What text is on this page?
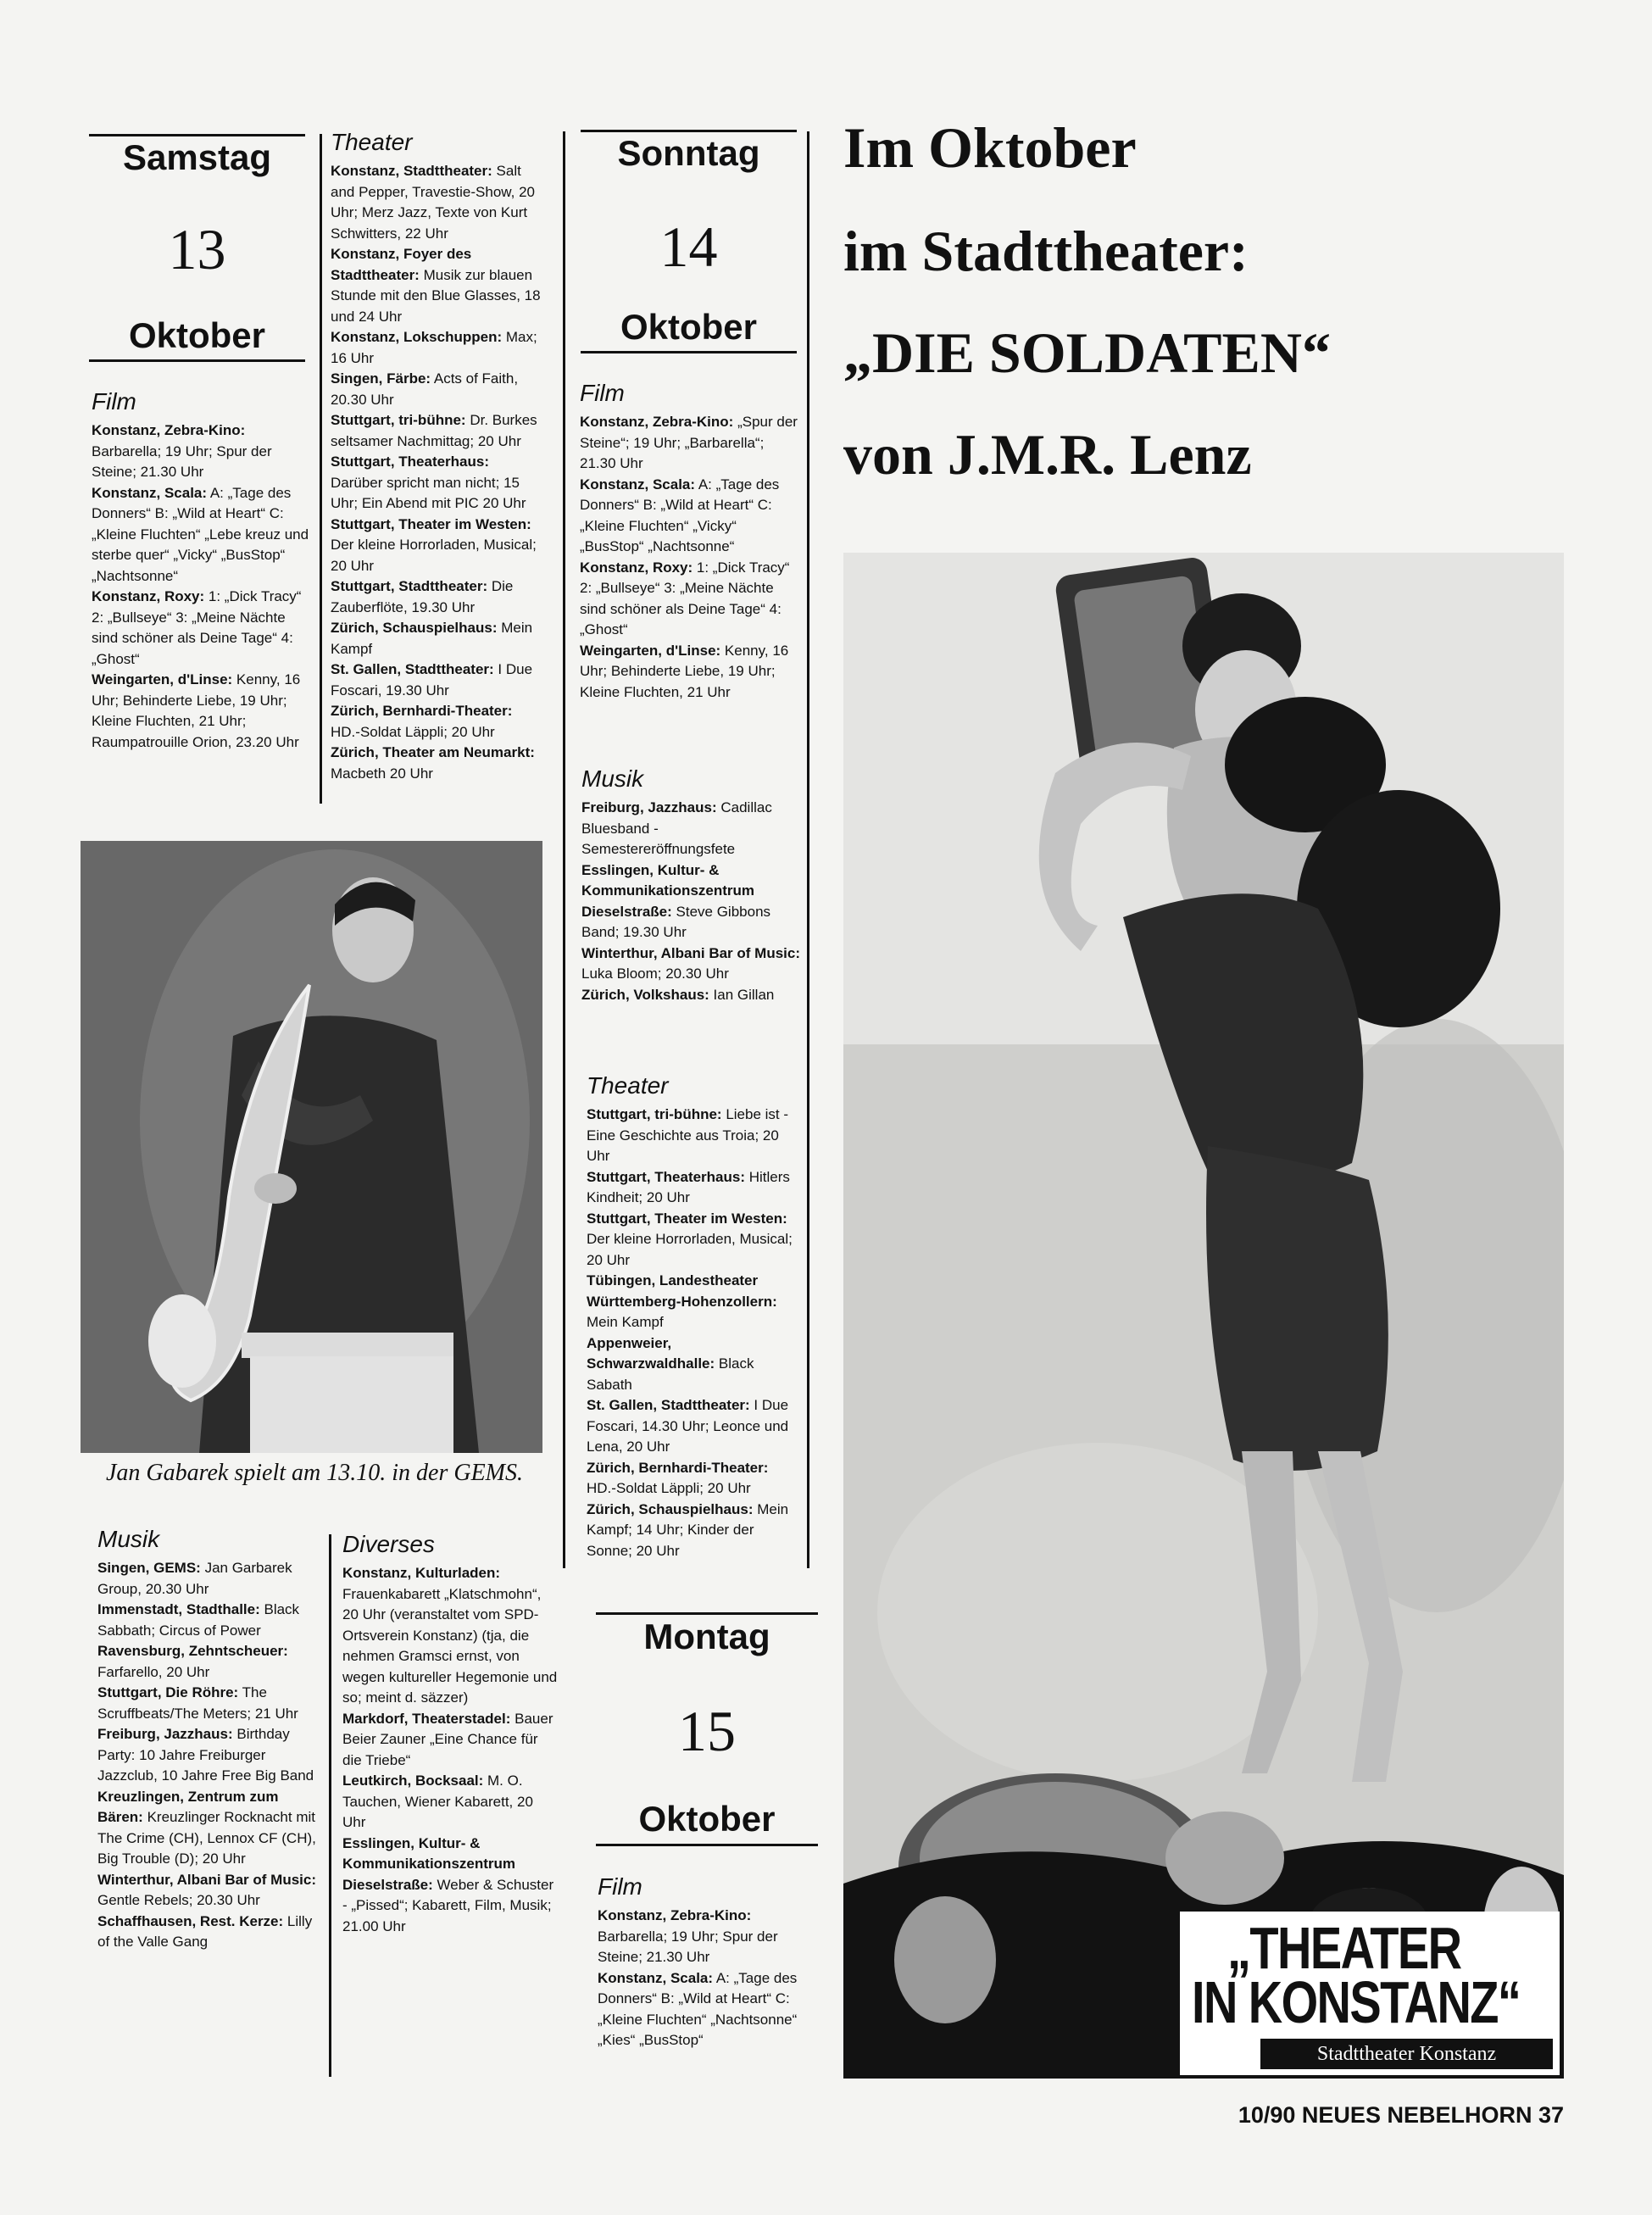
Samstag
13
Oktober
Film

Konstanz, Zebra-Kino: Barbarella; 19 Uhr; Spur der Steine; 21.30 Uhr

Konstanz, Scala: A: „Tage des Donners“ B: „Wild at Heart“ C: „Kleine Fluchten“ „Lebe kreuz und sterbe quer“ „Vicky“ „BusStop“ „Nachtsonne“

Konstanz, Roxy: 1: „Dick Tracy“ 2: „Bullseye“ 3: „Meine Nächte sind schöner als Deine Tage“ 4: „Ghost“

Weingarten, d'Linse: Kenny, 16 Uhr; Behinderte Liebe, 19 Uhr; Kleine Fluchten, 21 Uhr; Raumpatrouille Orion, 23.20 Uhr

Theater

Konstanz, Stadttheater: Salt and Pepper, Travestie-Show, 20 Uhr; Merz Jazz, Texte von Kurt Schwitters, 22 Uhr

Konstanz, Foyer des Stadttheater: Musik zur blauen Stunde mit den Blue Glasses, 18 und 24 Uhr

Konstanz, Lokschuppen: Max; 16 Uhr

Singen, Färbe: Acts of Faith, 20.30 Uhr

Stuttgart, tri-bühne: Dr. Burkes seltsamer Nachmittag; 20 Uhr

Stuttgart, Theaterhaus: Darüber spricht man nicht; 15 Uhr; Ein Abend mit PIC 20 Uhr

Stuttgart, Theater im Westen: Der kleine Horrorladen, Musical; 20 Uhr

Stuttgart, Stadttheater: Die Zauberflöte, 19.30 Uhr

Zürich, Schauspielhaus: Mein Kampf

St. Gallen, Stadttheater: I Due Foscari, 19.30 Uhr

Zürich, Bernhardi-Theater: HD.-Soldat Läppli; 20 Uhr

Zürich, Theater am Neumarkt: Macbeth 20 Uhr

Sonntag
14
Oktober
Film

Konstanz, Zebra-Kino: „Spur der Steine“; 19 Uhr; „Barbarella“; 21.30 Uhr

Konstanz, Scala: A: „Tage des Donners“ B: „Wild at Heart“ C: „Kleine Fluchten“ „Vicky“ „BusStop“ „Nachtsonne“

Konstanz, Roxy: 1: „Dick Tracy“ 2: „Bullseye“ 3: „Meine Nächte sind schöner als Deine Tage“ 4: „Ghost“

Weingarten, d'Linse: Kenny, 16 Uhr; Behinderte Liebe, 19 Uhr; Kleine Fluchten, 21 Uhr

Musik

Freiburg, Jazzhaus: Cadillac Bluesband - Semestereröffnungsfete

Esslingen, Kultur- & Kommunikationszentrum Dieselstraße: Steve Gibbons Band; 19.30 Uhr

Winterthur, Albani Bar of Music: Luka Bloom; 20.30 Uhr

Zürich, Volkshaus: Ian Gillan

Theater

Stuttgart, tri-bühne: Liebe ist - Eine Geschichte aus Troia; 20 Uhr

Stuttgart, Theaterhaus: Hitlers Kindheit; 20 Uhr

Stuttgart, Theater im Westen: Der kleine Horrorladen, Musical; 20 Uhr

Tübingen, Landestheater Württemberg-Hohenzollern: Mein Kampf

Appenweier, Schwarzwaldhalle: Black Sabath

St. Gallen, Stadttheater: I Due Foscari, 14.30 Uhr; Leonce und Lena, 20 Uhr

Zürich, Bernhardi-Theater: HD.-Soldat Läppli; 20 Uhr

Zürich, Schauspielhaus: Mein Kampf; 14 Uhr; Kinder der Sonne; 20 Uhr

Jan Gabarek spielt am 13.10. in der GEMS.
Musik

Singen, GEMS: Jan Garbarek Group, 20.30 Uhr

Immenstadt, Stadthalle: Black Sabbath; Circus of Power

Ravensburg, Zehntscheuer: Farfarello, 20 Uhr

Stuttgart, Die Röhre: The Scruffbeats/The Meters; 21 Uhr

Freiburg, Jazzhaus: Birthday Party: 10 Jahre Freiburger Jazzclub, 10 Jahre Free Big Band

Kreuzlingen, Zentrum zum Bären: Kreuzlinger Rocknacht mit The Crime (CH), Lennox CF (CH), Big Trouble (D); 20 Uhr

Winterthur, Albani Bar of Music: Gentle Rebels; 20.30 Uhr

Schaffhausen, Rest. Kerze: Lilly of the Valle Gang

Diverses

Konstanz, Kulturladen: Frauenkabarett „Klatschmohn“, 20 Uhr (veranstaltet vom SPD-Ortsverein Konstanz) (tja, die nehmen Gramsci ernst, von wegen kultureller Hegemonie und so; meint d. säzzer)

Markdorf, Theaterstadel: Bauer Beier Zauner „Eine Chance für die Triebe“

Leutkirch, Bocksaal: M. O. Tauchen, Wiener Kabarett, 20 Uhr

Esslingen, Kultur- & Kommunikationszentrum Dieselstraße: Weber & Schuster - „Pissed“; Kabarett, Film, Musik; 21.00 Uhr

Montag
15
Oktober
Film

Konstanz, Zebra-Kino: Barbarella; 19 Uhr; Spur der Steine; 21.30 Uhr

Konstanz, Scala: A: „Tage des Donners“ B: „Wild at Heart“ C: „Kleine Fluchten“ „Nachtsonne“ „Kies“ „BusStop“

Im Oktober
im Stadttheater:
„DIE SOLDATEN“
von J.M.R. Lenz
„THEATER
IN KONSTANZ“
Stadttheater Konstanz
10/90 NEUES NEBELHORN 37
